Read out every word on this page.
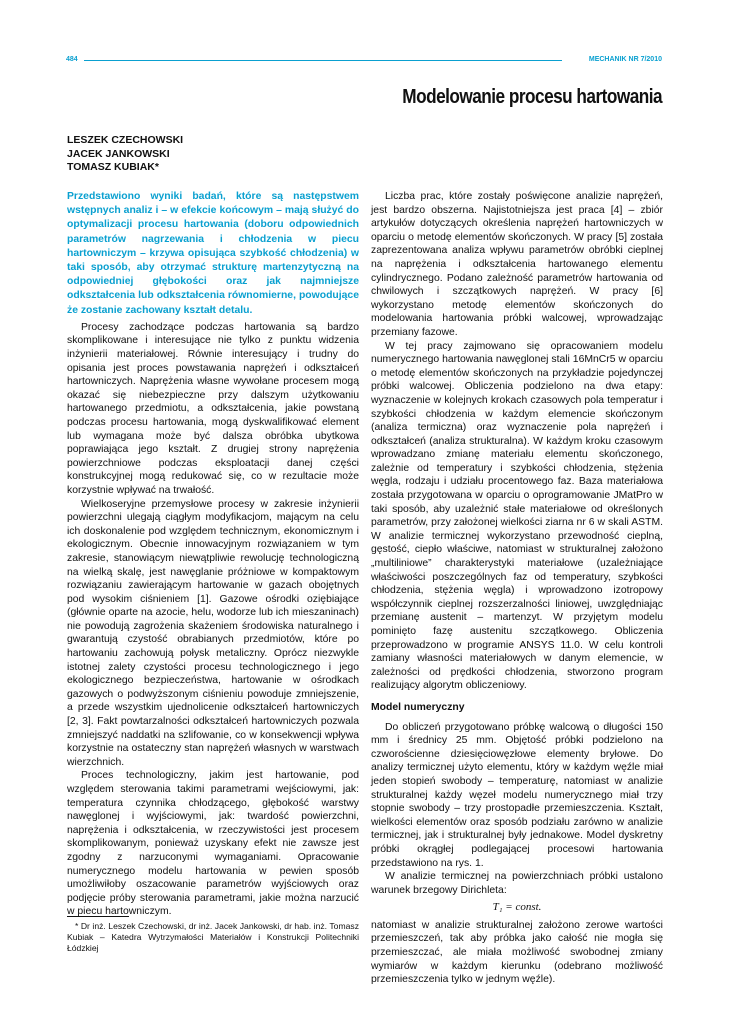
484	MECHANIK NR 7/2010
Modelowanie procesu hartowania
LESZEK CZECHOWSKI
JACEK JANKOWSKI
TOMASZ KUBIAK*

Przedstawiono wyniki badań, które są następstwem wstępnych analiz i – w efekcie końcowym – mają służyć do optymalizacji procesu hartowania (doboru odpowiednich parametrów nagrzewania i chłodzenia w piecu hartowniczym – krzywa opisująca szybkość chłodzenia) w taki sposób, aby otrzymać strukturę martenzytyczną na odpowiedniej głębokości oraz jak najmniejsze odkształcenia lub odkształcenia równomierne, powodujące że zostanie zachowany kształt detalu.

Procesy zachodzące podczas hartowania są bardzo skomplikowane i interesujące nie tylko z punktu widzenia inżynierii materiałowej. Równie interesujący i trudny do opisania jest proces powstawania naprężeń i odkształceń hartowniczych. Naprężenia własne wywołane procesem mogą okazać się niebezpieczne przy dalszym użytkowaniu hartowanego przedmiotu, a odkształcenia, jakie powstaną podczas procesu hartowania, mogą dyskwalifikować element lub wymagana może być dalsza obróbka ubytkowa poprawiająca jego kształt. Z drugiej strony naprężenia powierzchniowe podczas eksploatacji danej części konstrukcyjnej mogą redukować się, co w rezultacie może korzystnie wpływać na trwałość.

Wielkoseryjne przemysłowe procesy w zakresie inżynierii powierzchni ulegają ciągłym modyfikacjom, mającym na celu ich doskonalenie pod względem technicznym, ekonomicznym i ekologicznym. Obecnie innowacyjnym rozwiązaniem w tym zakresie, stanowiącym niewątpliwie rewolucję technologiczną na wielką skalę, jest nawęglanie próżniowe w kompaktowym rozwiązaniu zawierającym hartowanie w gazach obojętnych pod wysokim ciśnieniem [1]. Gazowe ośrodki oziębiające (głównie oparte na azocie, helu, wodorze lub ich mieszaninach) nie powodują zagrożenia skażeniem środowiska naturalnego i gwarantują czystość obrabianych przedmiotów, które po hartowaniu zachowują połysk metaliczny. Oprócz niezwykle istotnej zalety czystości procesu technologicznego i jego ekologicznego bezpieczeństwa, hartowanie w ośrodkach gazowych o podwyższonym ciśnieniu powoduje zmniejszenie, a przede wszystkim ujednolicenie odkształceń hartowniczych [2, 3]. Fakt powtarzalności odkształceń hartowniczych pozwala zmniejszyć naddatki na szlifowanie, co w konsekwencji wpływa korzystnie na ostateczny stan naprężeń własnych w warstwach wierzchnich.

Proces technologiczny, jakim jest hartowanie, pod względem sterowania takimi parametrami wejściowymi, jak: temperatura czynnika chłodzącego, głębokość warstwy nawęglonej i wyjściowymi, jak: twardość powierzchni, naprężenia i odkształcenia, w rzeczywistości jest procesem skomplikowanym, ponieważ uzyskany efekt nie zawsze jest zgodny z narzuconymi wymaganiami. Opracowanie numerycznego modelu hartowania w pewien sposób umożliwiłoby oszacowanie parametrów wyjściowych oraz podjęcie próby sterowania parametrami, jakie można narzucić w piecu hartowniczym.

Liczba prac, które zostały poświęcone analizie naprężeń, jest bardzo obszerna. Najistotniejsza jest praca [4] – zbiór artykułów dotyczących określenia naprężeń hartowniczych w oparciu o metodę elementów skończonych. W pracy [5] została zaprezentowana analiza wpływu parametrów obróbki cieplnej na naprężenia i odkształcenia hartowanego elementu cylindrycznego. Podano zależność parametrów hartowania od chwilowych i szczątkowych naprężeń. W pracy [6] wykorzystano metodę elementów skończonych do modelowania hartowania próbki walcowej, wprowadzając przemiany fazowe.

W tej pracy zajmowano się opracowaniem modelu numerycznego hartowania nawęglonej stali 16MnCr5 w oparciu o metodę elementów skończonych na przykładzie pojedynczej próbki walcowej. Obliczenia podzielono na dwa etapy: wyznaczenie w kolejnych krokach czasowych pola temperatur i szybkości chłodzenia w każdym elemencie skończonym (analiza termiczna) oraz wyznaczenie pola naprężeń i odkształceń (analiza strukturalna). W każdym kroku czasowym wprowadzano zmianę materiału elementu skończonego, zależnie od temperatury i szybkości chłodzenia, stężenia węgla, rodzaju i udziału procentowego faz. Baza materiałowa została przygotowana w oparciu o oprogramowanie JMatPro w taki sposób, aby uzależnić stałe materiałowe od określonych parametrów, przy założonej wielkości ziarna nr 6 w skali ASTM. W analizie termicznej wykorzystano przewodność cieplną, gęstość, ciepło właściwe, natomiast w strukturalnej założono „multiliniowe” charakterystyki materiałowe (uzależniające właściwości poszczególnych faz od temperatury, szybkości chłodzenia, stężenia węgla) i wprowadzono izotropowy współczynnik cieplnej rozszerzalności liniowej, uwzględniając przemianę austenit – martenzyt. W przyjętym modelu pominięto fazę austenitu szczątkowego. Obliczenia przeprowadzono w programie ANSYS 11.0. W celu kontroli zamiany własności materiałowych w danym elemencie, w zależności od prędkości chłodzenia, stworzono program realizujący algorytm obliczeniowy.

Model numeryczny

Do obliczeń przygotowano próbkę walcową o długości 150 mm i średnicy 25 mm. Objętość próbki podzielono na czworościenne dziesięciowęzłowe elementy bryłowe. Do analizy termicznej użyto elementu, który w każdym węźle miał jeden stopień swobody – temperaturę, natomiast w analizie strukturalnej każdy węzeł modelu numerycznego miał trzy stopnie swobody – trzy prostopadłe przemieszczenia. Kształt, wielkości elementów oraz sposób podziału zarówno w analizie termicznej, jak i strukturalnej były jednakowe. Model dyskretny próbki okrągłej podlegającej procesowi hartowania przedstawiono na rys. 1.

W analizie termicznej na powierzchniach próbki ustalono warunek brzegowy Dirichleta:

T₁ = const.

natomiast w analizie strukturalnej założono zerowe wartości przemieszczeń, tak aby próbka jako całość nie mogła się przemieszczać, ale miała możliwość swobodnej zmiany wymiarów w każdym kierunku (odebrano możliwość przemieszczenia tylko w jednym węźle).

* Dr inż. Leszek Czechowski, dr inż. Jacek Jankowski, dr hab. inż. Tomasz Kubiak – Katedra Wytrzymałości Materiałów i Konstrukcji Politechniki Łódzkiej
